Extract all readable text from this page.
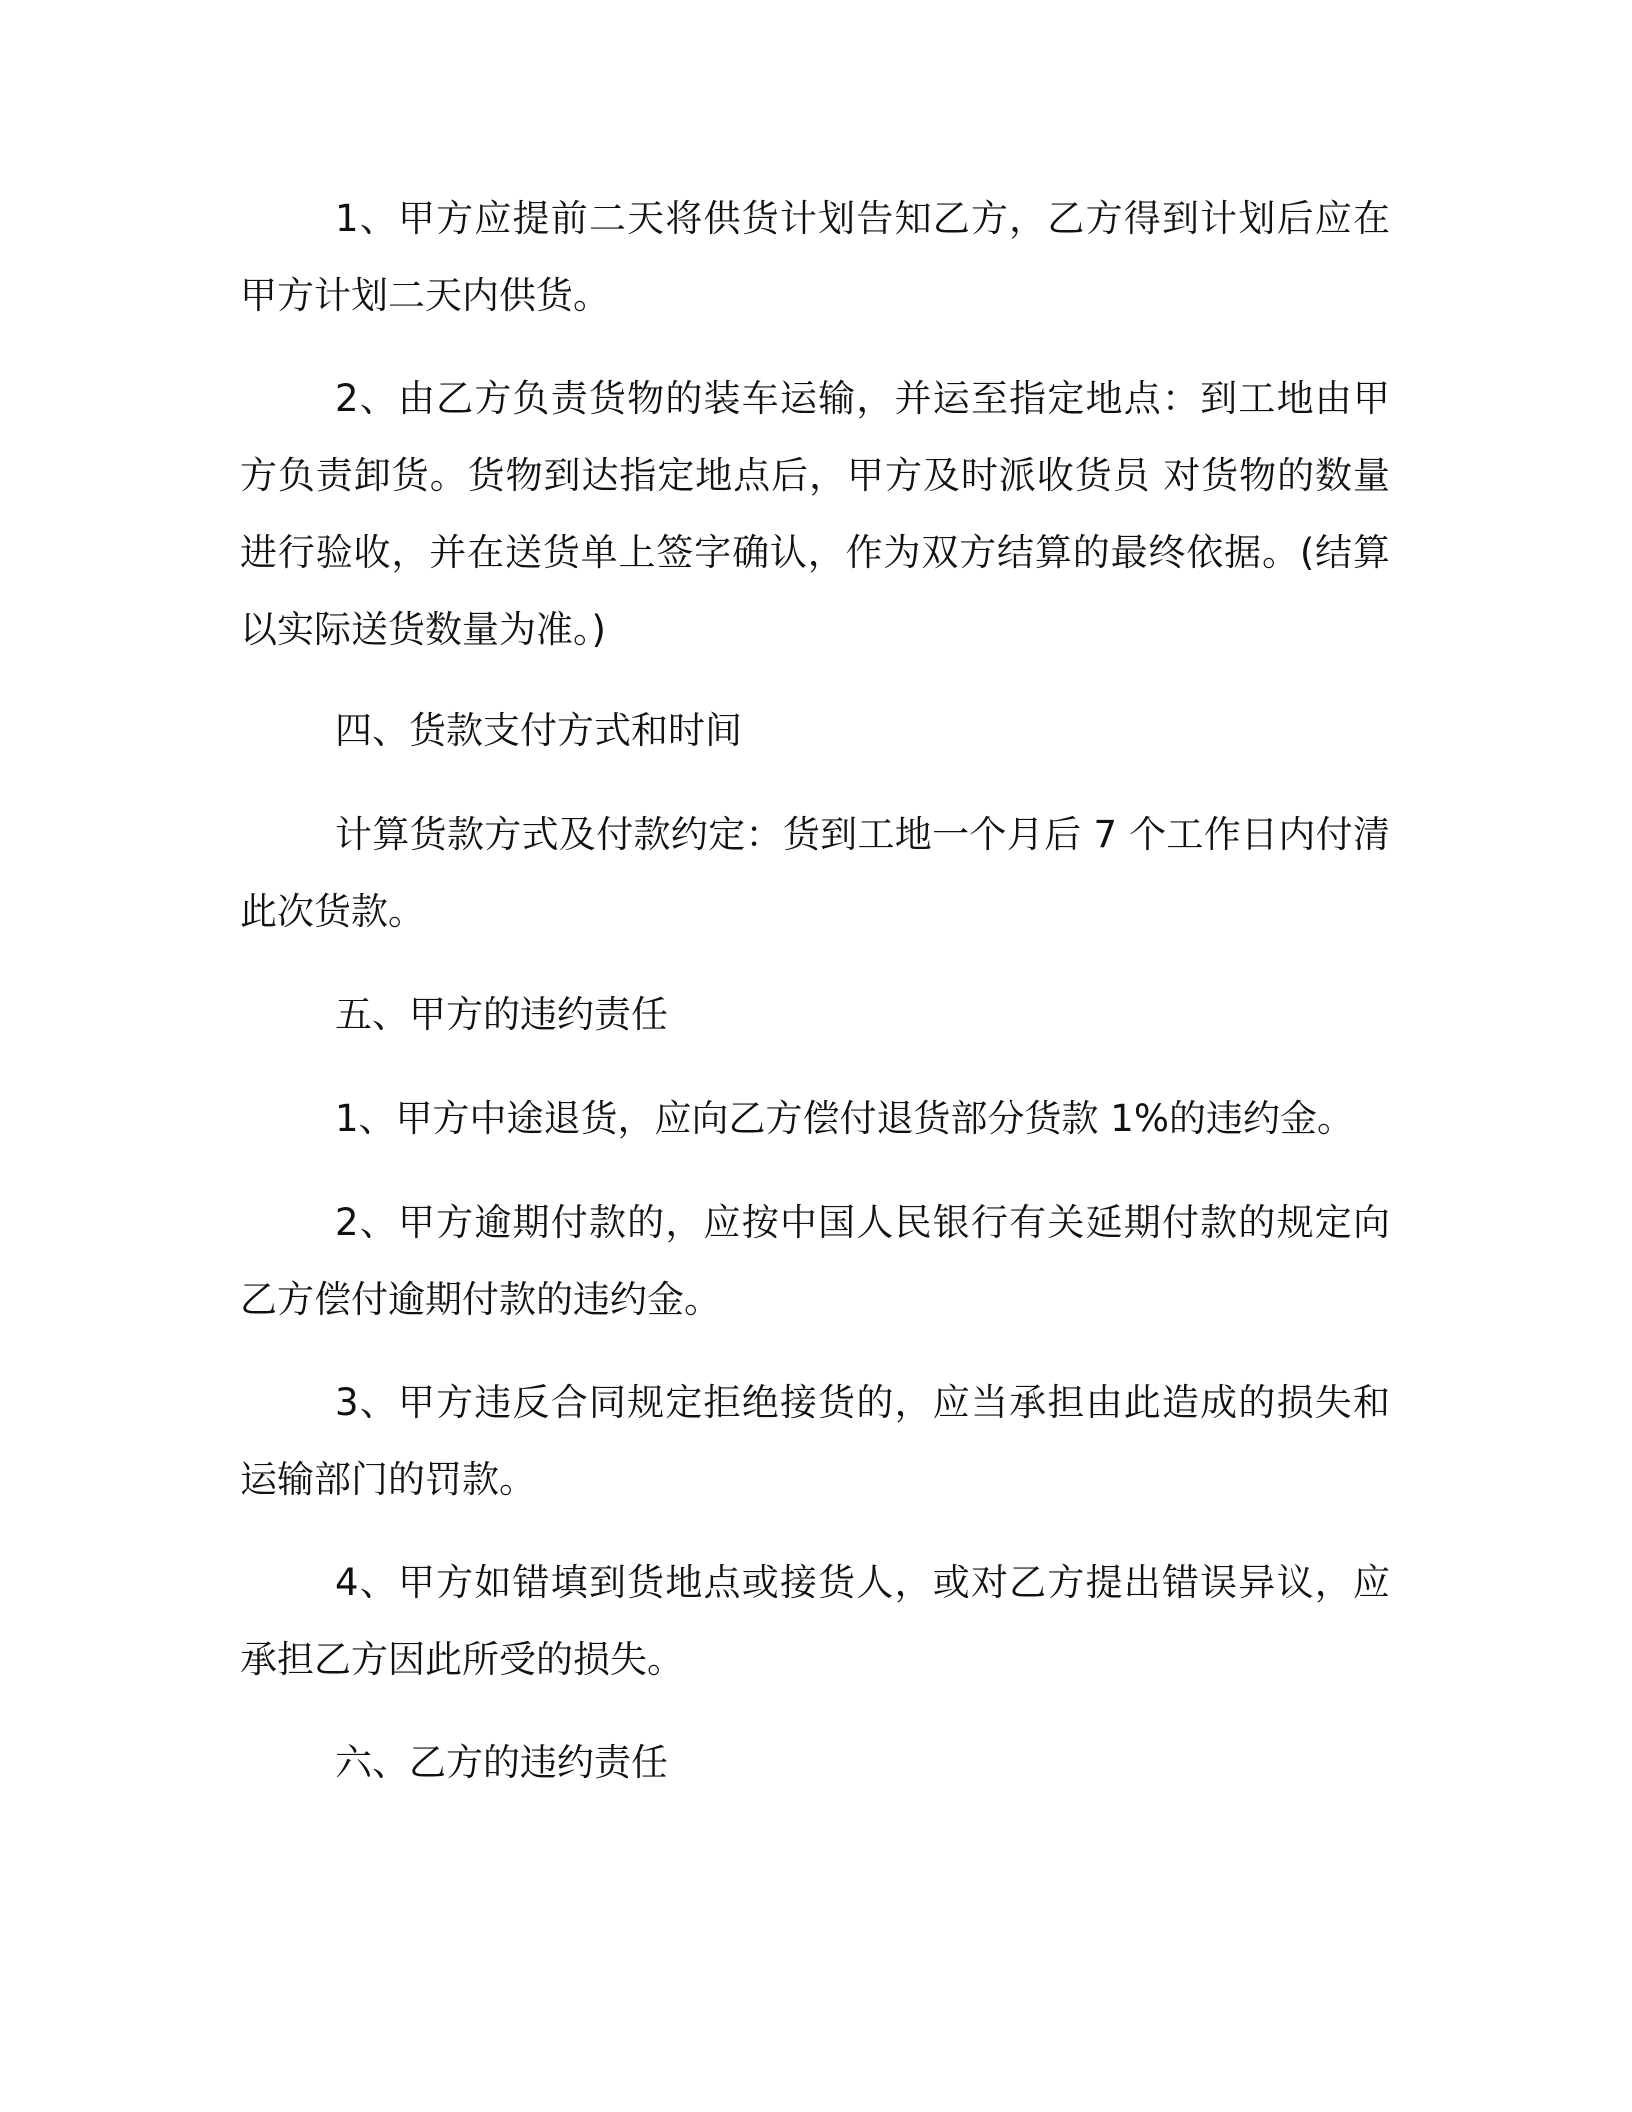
1、甲方应提前二天将供货计划告知乙方，乙方得到计划后应在甲方计划二天内供货。

2、由乙方负责货物的装车运输，并运至指定地点：到工地由甲方负责卸货。货物到达指定地点后，甲方及时派收货员 对货物的数量进行验收，并在送货单上签字确认，作为双方结算的最终依据。(结算以实际送货数量为准。)

四、货款支付方式和时间

计算货款方式及付款约定：货到工地一个月后 7 个工作日内付清此次货款。

五、甲方的违约责任

1、甲方中途退货，应向乙方偿付退货部分货款 1%的违约金。

2、甲方逾期付款的，应按中国人民银行有关延期付款的规定向乙方偿付逾期付款的违约金。

3、甲方违反合同规定拒绝接货的，应当承担由此造成的损失和运输部门的罚款。

4、甲方如错填到货地点或接货人，或对乙方提出错误异议，应承担乙方因此所受的损失。

六、乙方的违约责任
